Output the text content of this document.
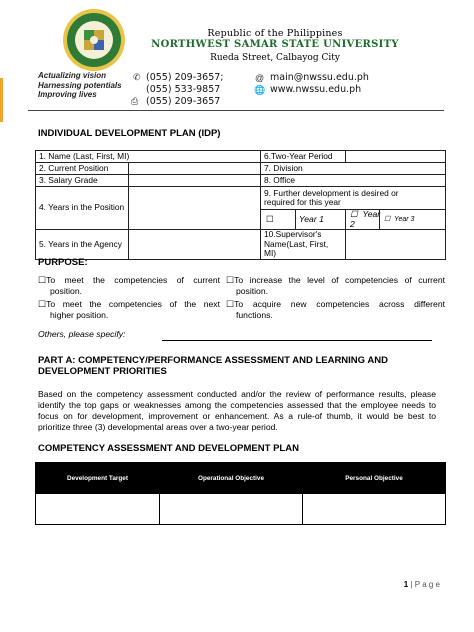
Republic of the Philippines
NORTHWEST SAMAR STATE UNIVERSITY
Rueda Street, Calbayog City
Actualizing vision
Harnessing potentials
Improving lives
✆ (055) 209-3657;
(055) 533-9857
⎙ (055) 209-3657
@ main@nwssu.edu.ph
🌐 www.nwssu.edu.ph
INDIVIDUAL DEVELOPMENT PLAN (IDP)
1. Name (Last, First, MI)		6.Two-Year Period				
2. Current Position		7. Division				
3. Salary Grade		8. Office				
4. Years in the Position		9. Further development is desired or required for this year				

		☐	Year 1	☐  Year 2	☐  Year 3	
5. Years in the Agency		10.Supervisor's Name(Last, First, MI)				
PURPOSE:
☐To meet the competencies of current
position.
☐To increase the level of competencies of current
position.
☐To meet the competencies of the next
higher position.
☐To acquire new competencies across different
functions.
Others, please specify:
PART A: COMPETENCY/PERFORMANCE ASSESSMENT AND LEARNING AND
DEVELOPMENT PRIORITIES
Based on the competency assessment conducted and/or the review of performance results, please identify the top gaps or weaknesses among the competencies assessed that the employee needs to focus on for development, improvement or enhancement. As a rule-of thumb, it would be best to prioritize three (3) developmental areas over a two-year period.
COMPETENCY ASSESSMENT AND DEVELOPMENT PLAN
Development Target	Operational Objective	Personal Objective

1 | P a g e
